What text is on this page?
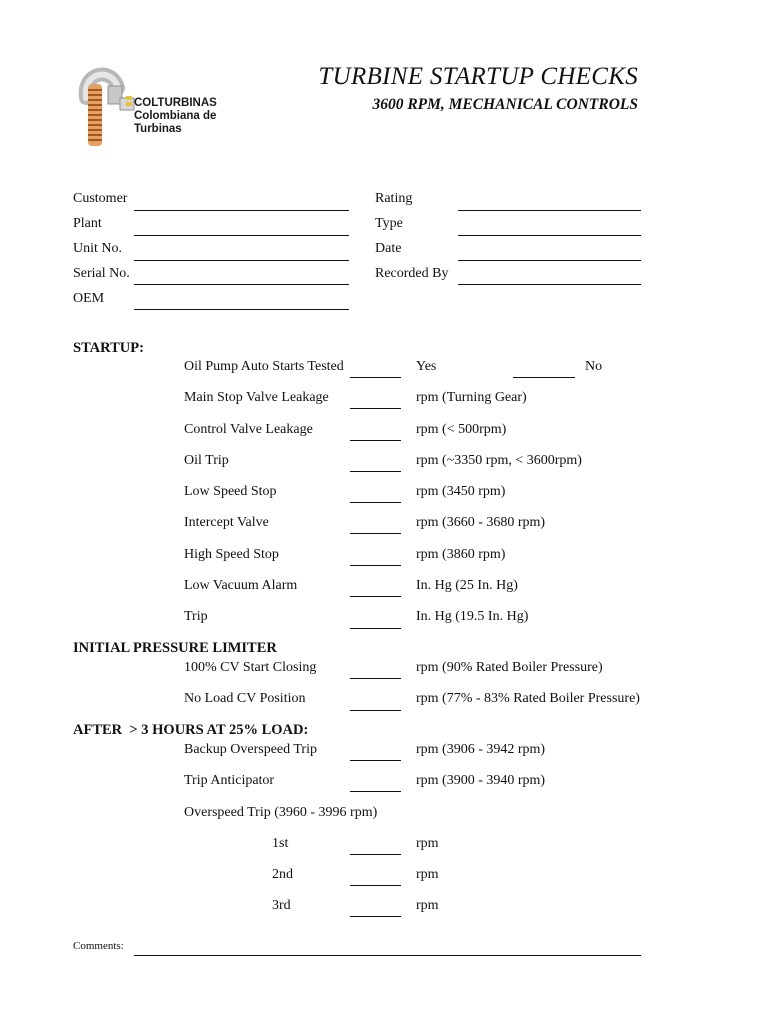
COLTURBINAS
Colombiana de
Turbinas
TURBINE STARTUP CHECKS
3600 RPM, MECHANICAL CONTROLS
Customer
Plant
Unit No.
Serial No.
OEM
Rating
Type
Date
Recorded By
STARTUP:
Oil Pump Auto Starts Tested	Yes	No
Main Stop Valve Leakage	rpm (Turning Gear)
Control Valve Leakage	rpm (< 500rpm)
Oil Trip	rpm (~3350 rpm, < 3600rpm)
Low Speed Stop	rpm (3450 rpm)
Intercept Valve	rpm (3660 - 3680 rpm)
High Speed Stop	rpm (3860 rpm)
Low Vacuum Alarm	In. Hg (25 In. Hg)
Trip	In. Hg (19.5 In. Hg)
INITIAL PRESSURE LIMITER
100% CV Start Closing	rpm (90% Rated Boiler Pressure)
No Load CV Position	rpm (77% - 83% Rated Boiler Pressure)
AFTER  > 3 HOURS AT 25% LOAD:
Backup Overspeed Trip	rpm (3906 - 3942 rpm)
Trip Anticipator	rpm (3900 - 3940 rpm)
Overspeed Trip (3960 - 3996 rpm)
1st	rpm
2nd	rpm
3rd	rpm
Comments:
